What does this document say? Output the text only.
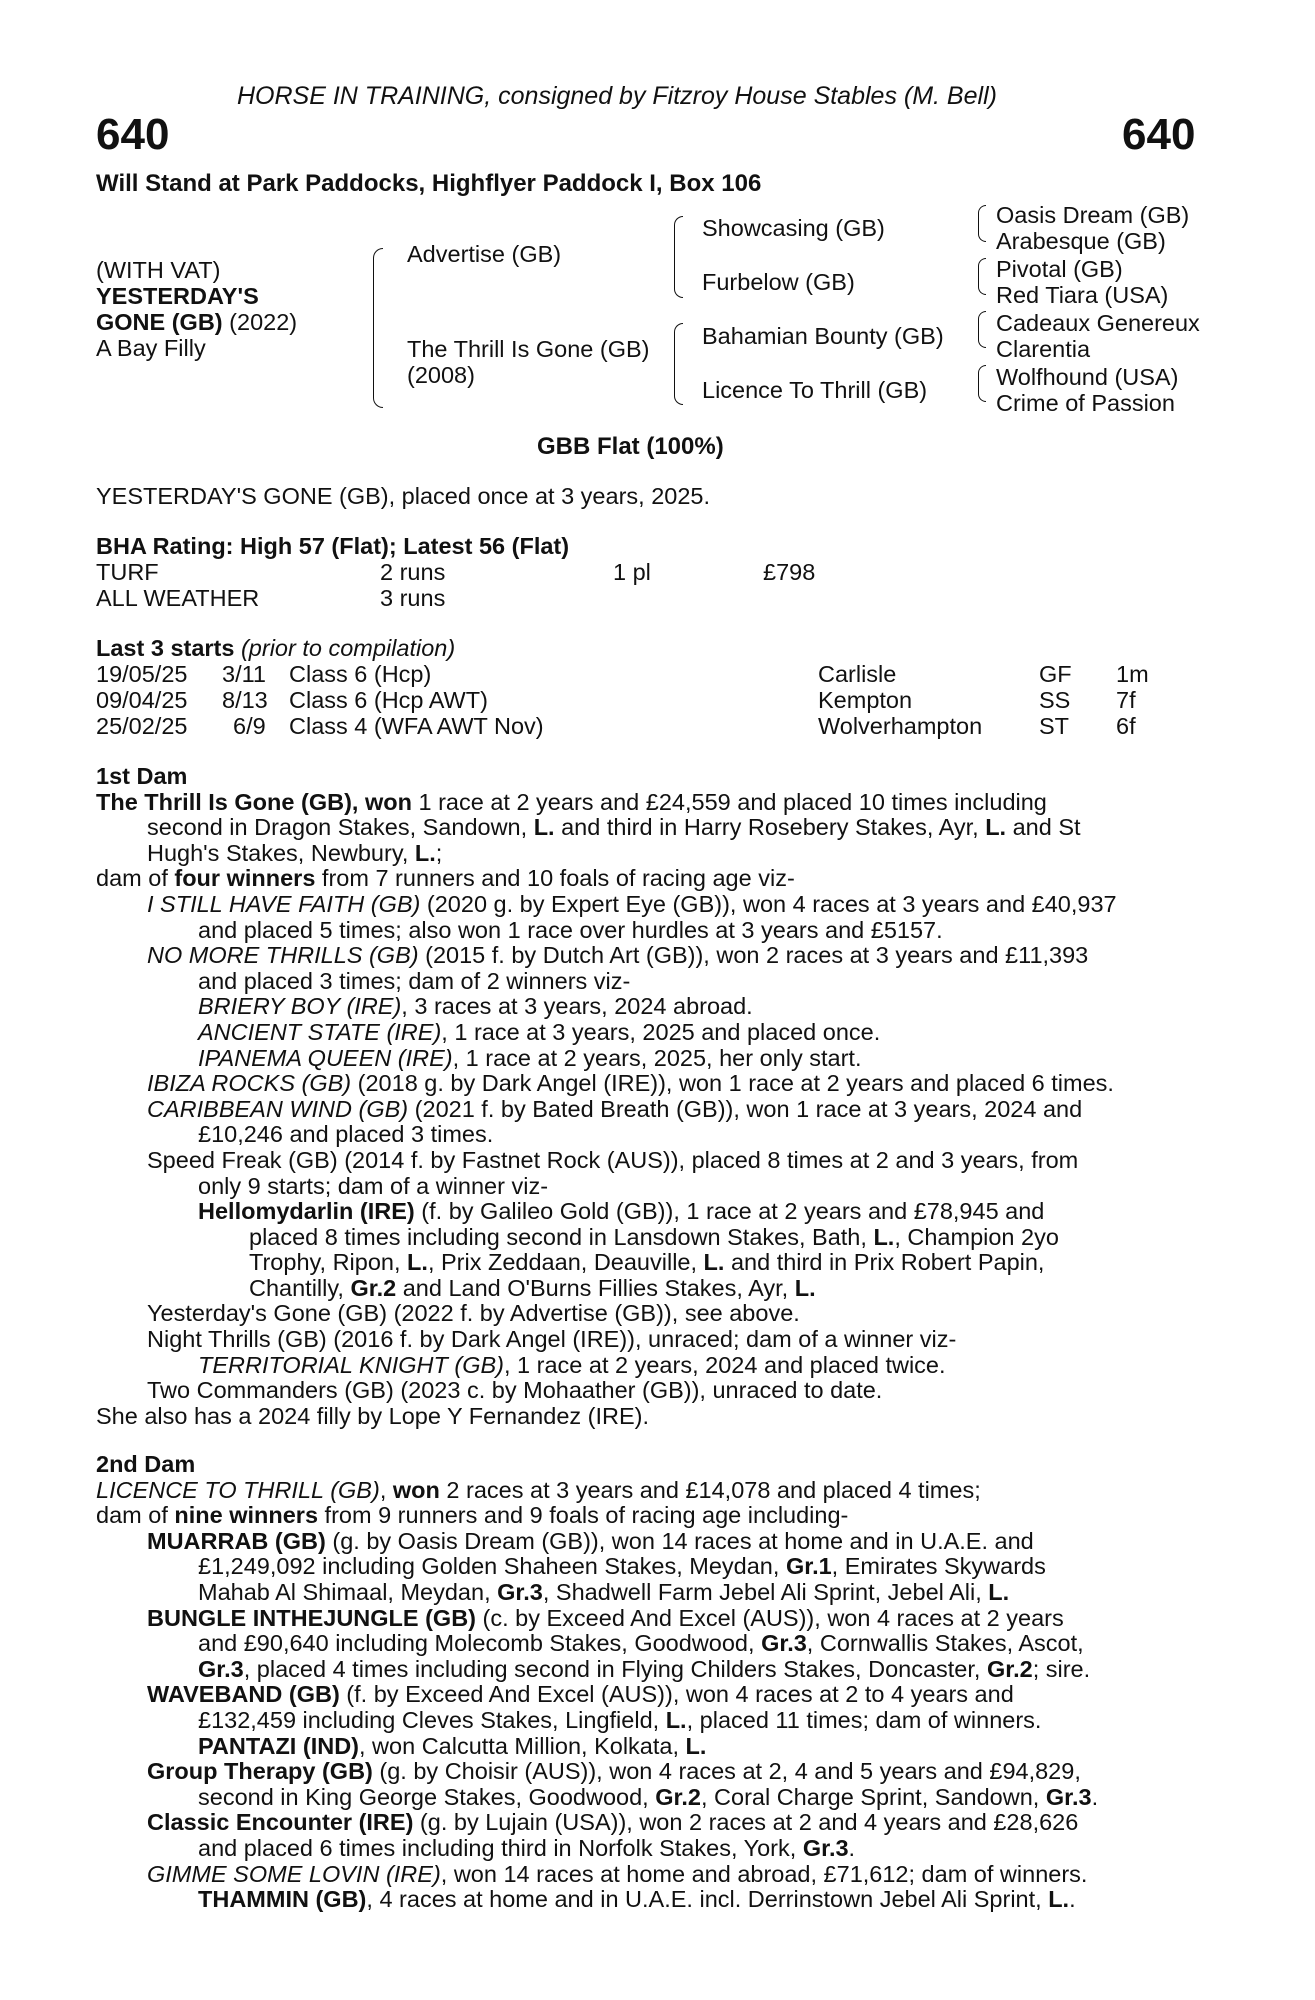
HORSE IN TRAINING, consigned by Fitzroy House Stables (M. Bell)
640	640
Will Stand at Park Paddocks, Highflyer Paddock I, Box 106
(WITH VAT)
YESTERDAY'S
GONE (GB) (2022)
A Bay Filly
Advertise (GB)
The Thrill Is Gone (GB)
(2008)
Showcasing (GB)
Furbelow (GB)
Bahamian Bounty (GB)
Licence To Thrill (GB)
Oasis Dream (GB)
Arabesque (GB)
Pivotal (GB)
Red Tiara (USA)
Cadeaux Genereux
Clarentia
Wolfhound (USA)
Crime of Passion
GBB Flat (100%)
YESTERDAY'S GONE (GB), placed once at 3 years, 2025.
BHA Rating: High 57 (Flat); Latest 56 (Flat)
TURF	2 runs	1 pl	£798
ALL WEATHER	3 runs
Last 3 starts (prior to compilation)
19/05/25 3/11 Class 6 (Hcp)	Carlisle	GF 1m
09/04/25 8/13 Class 6 (Hcp AWT)	Kempton	SS 7f
25/02/25 6/9 Class 4 (WFA AWT Nov)	Wolverhampton ST 6f
1st Dam
The Thrill Is Gone (GB), won 1 race at 2 years and £24,559 and placed 10 times including
second in Dragon Stakes, Sandown, L. and third in Harry Rosebery Stakes, Ayr, L. and St
Hugh's Stakes, Newbury, L.;
dam of four winners from 7 runners and 10 foals of racing age viz-
I STILL HAVE FAITH (GB) (2020 g. by Expert Eye (GB)), won 4 races at 3 years and £40,937
and placed 5 times; also won 1 race over hurdles at 3 years and £5157.
NO MORE THRILLS (GB) (2015 f. by Dutch Art (GB)), won 2 races at 3 years and £11,393
and placed 3 times; dam of 2 winners viz-
BRIERY BOY (IRE), 3 races at 3 years, 2024 abroad.
ANCIENT STATE (IRE), 1 race at 3 years, 2025 and placed once.
IPANEMA QUEEN (IRE), 1 race at 2 years, 2025, her only start.
IBIZA ROCKS (GB) (2018 g. by Dark Angel (IRE)), won 1 race at 2 years and placed 6 times.
CARIBBEAN WIND (GB) (2021 f. by Bated Breath (GB)), won 1 race at 3 years, 2024 and
£10,246 and placed 3 times.
Speed Freak (GB) (2014 f. by Fastnet Rock (AUS)), placed 8 times at 2 and 3 years, from
only 9 starts; dam of a winner viz-
Hellomydarlin (IRE) (f. by Galileo Gold (GB)), 1 race at 2 years and £78,945 and
placed 8 times including second in Lansdown Stakes, Bath, L., Champion 2yo
Trophy, Ripon, L., Prix Zeddaan, Deauville, L. and third in Prix Robert Papin,
Chantilly, Gr.2 and Land O'Burns Fillies Stakes, Ayr, L.
Yesterday's Gone (GB) (2022 f. by Advertise (GB)), see above.
Night Thrills (GB) (2016 f. by Dark Angel (IRE)), unraced; dam of a winner viz-
TERRITORIAL KNIGHT (GB), 1 race at 2 years, 2024 and placed twice.
Two Commanders (GB) (2023 c. by Mohaather (GB)), unraced to date.
She also has a 2024 filly by Lope Y Fernandez (IRE).
2nd Dam
LICENCE TO THRILL (GB), won 2 races at 3 years and £14,078 and placed 4 times;
dam of nine winners from 9 runners and 9 foals of racing age including-
MUARRAB (GB) (g. by Oasis Dream (GB)), won 14 races at home and in U.A.E. and
£1,249,092 including Golden Shaheen Stakes, Meydan, Gr.1, Emirates Skywards
Mahab Al Shimaal, Meydan, Gr.3, Shadwell Farm Jebel Ali Sprint, Jebel Ali, L.
BUNGLE INTHEJUNGLE (GB) (c. by Exceed And Excel (AUS)), won 4 races at 2 years
and £90,640 including Molecomb Stakes, Goodwood, Gr.3, Cornwallis Stakes, Ascot,
Gr.3, placed 4 times including second in Flying Childers Stakes, Doncaster, Gr.2; sire.
WAVEBAND (GB) (f. by Exceed And Excel (AUS)), won 4 races at 2 to 4 years and
£132,459 including Cleves Stakes, Lingfield, L., placed 11 times; dam of winners.
PANTAZI (IND), won Calcutta Million, Kolkata, L.
Group Therapy (GB) (g. by Choisir (AUS)), won 4 races at 2, 4 and 5 years and £94,829,
second in King George Stakes, Goodwood, Gr.2, Coral Charge Sprint, Sandown, Gr.3.
Classic Encounter (IRE) (g. by Lujain (USA)), won 2 races at 2 and 4 years and £28,626
and placed 6 times including third in Norfolk Stakes, York, Gr.3.
GIMME SOME LOVIN (IRE), won 14 races at home and abroad, £71,612; dam of winners.
THAMMIN (GB), 4 races at home and in U.A.E. incl. Derrinstown Jebel Ali Sprint, L..
